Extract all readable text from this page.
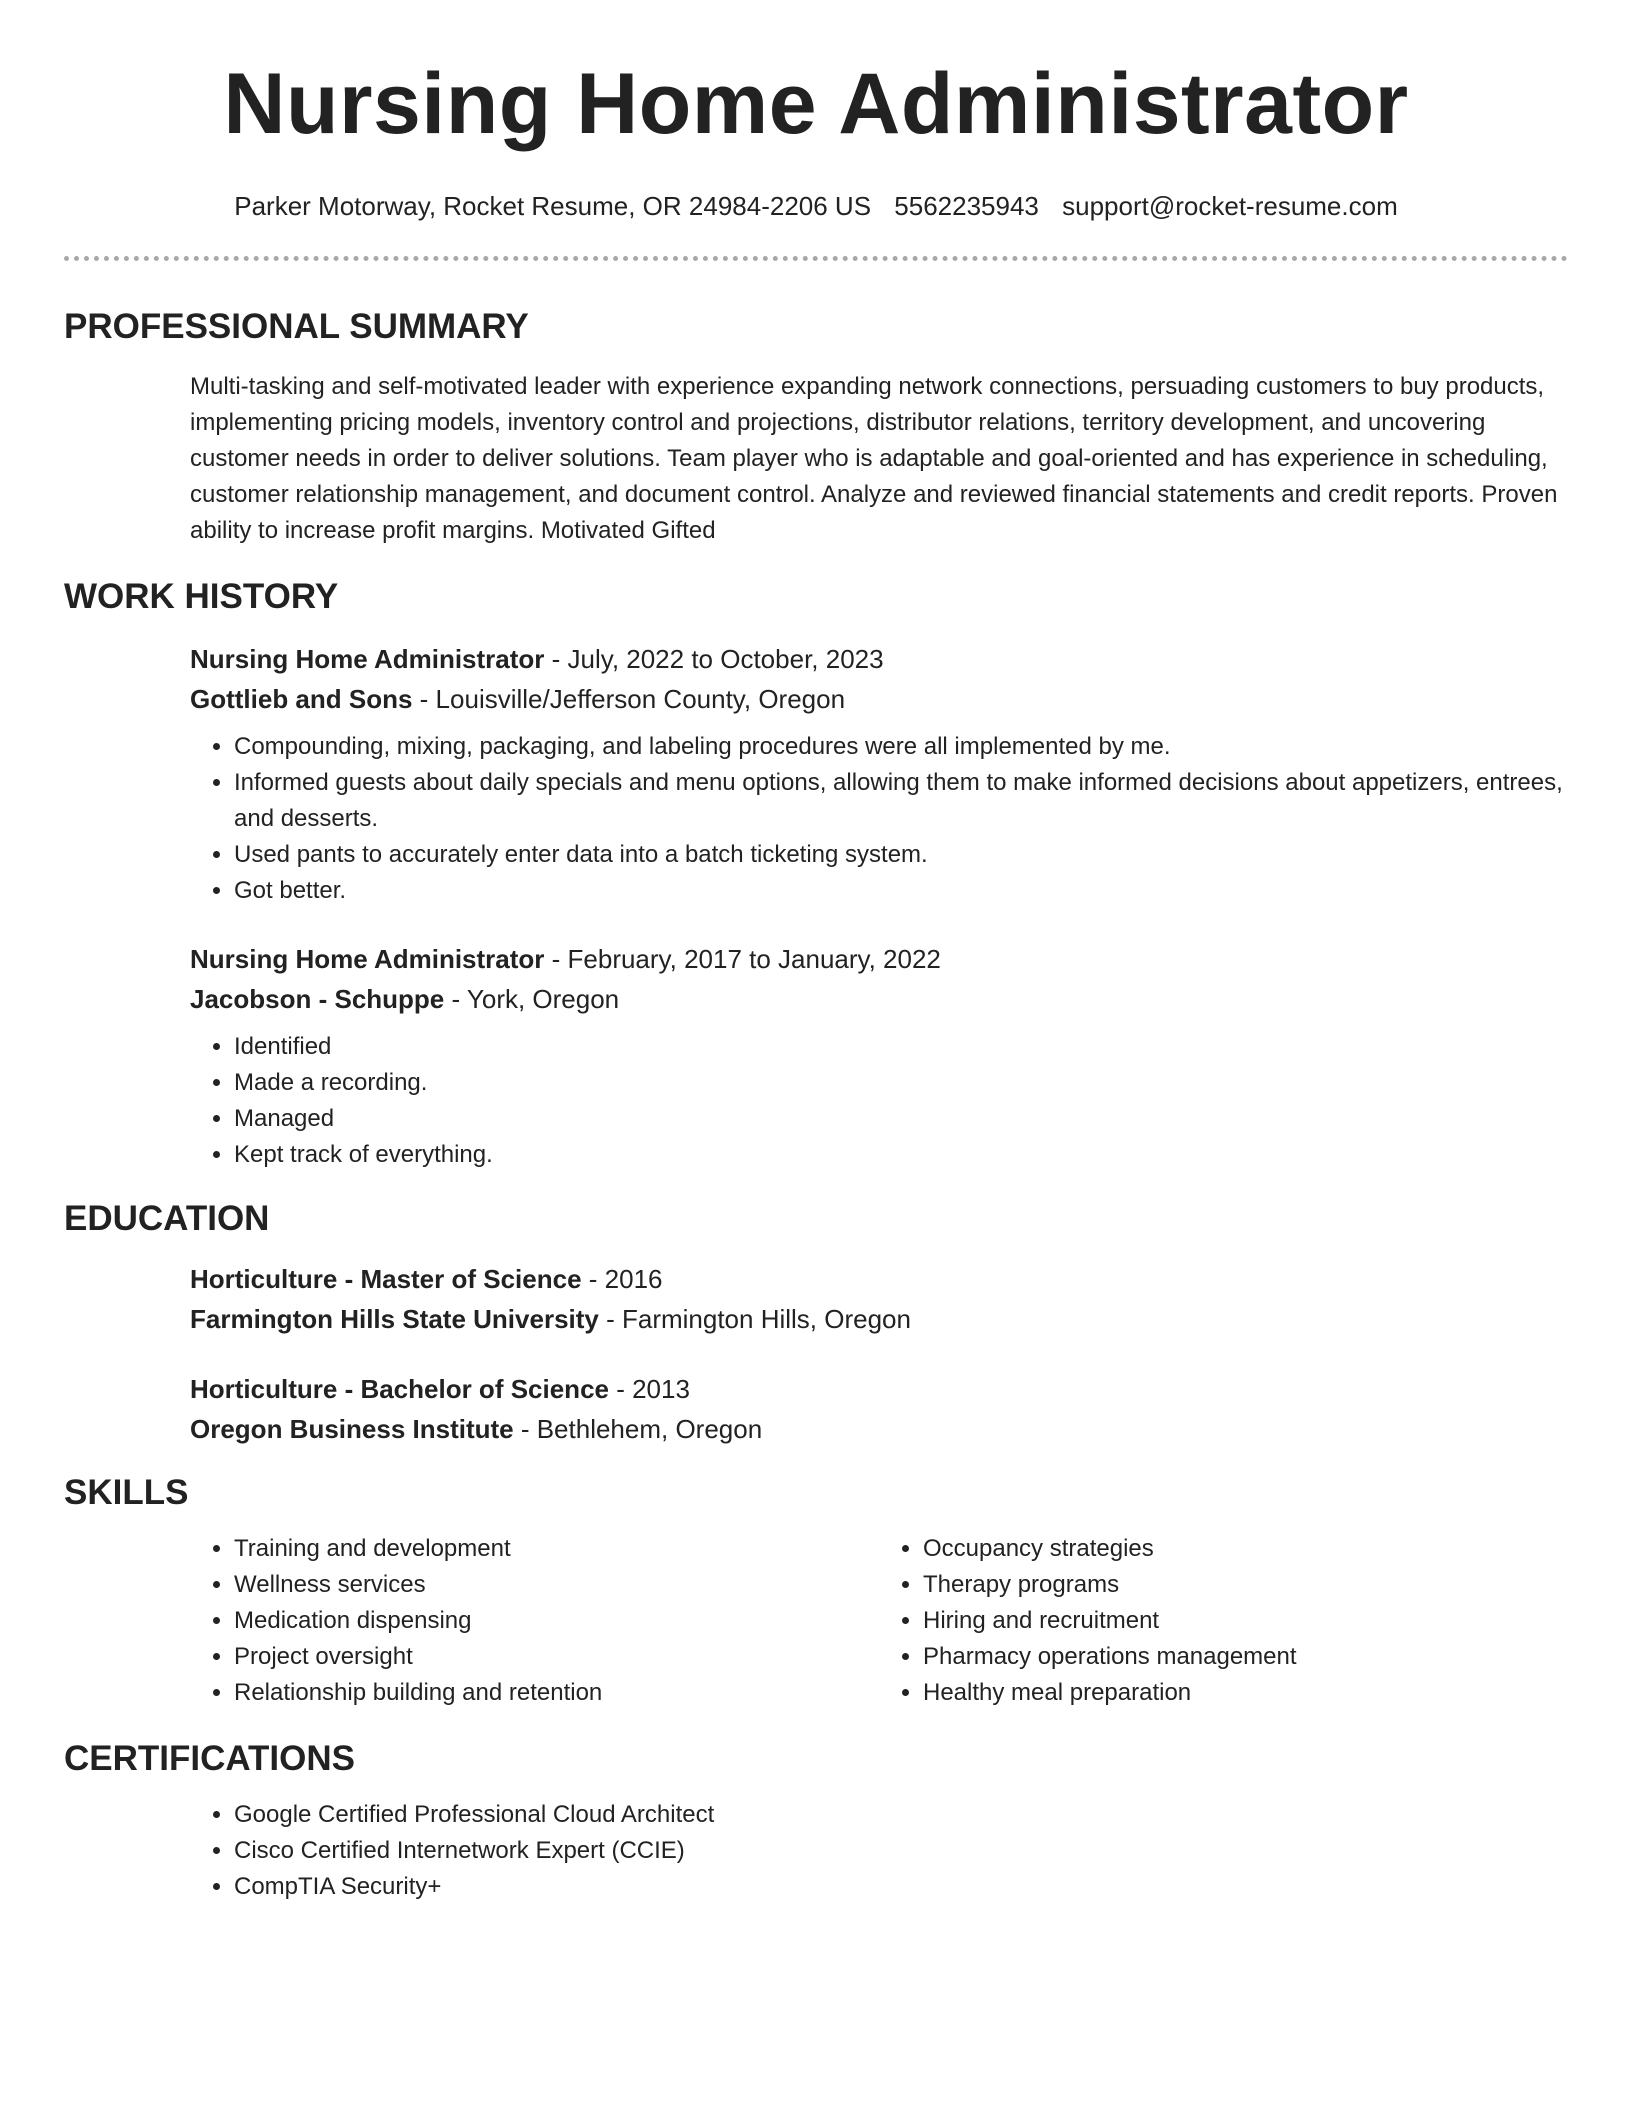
Nursing Home Administrator
Parker Motorway, Rocket Resume, OR 24984-2206 US 5562235943 support@rocket-resume.com
PROFESSIONAL SUMMARY

Multi-tasking and self-motivated leader with experience expanding network connections, persuading customers to buy products, implementing pricing models, inventory control and projections, distributor relations, territory development, and uncovering customer needs in order to deliver solutions. Team player who is adaptable and goal-oriented and has experience in scheduling, customer relationship management, and document control. Analyze and reviewed financial statements and credit reports. Proven ability to increase profit margins. Motivated Gifted

WORK HISTORY
Nursing Home Administrator - July, 2022 to October, 2023
Gottlieb and Sons - Louisville/Jefferson County, Oregon
• Compounding, mixing, packaging, and labeling procedures were all implemented by me.
• Informed guests about daily specials and menu options, allowing them to make informed decisions about appetizers, entrees, and desserts.
• Used pants to accurately enter data into a batch ticketing system.
• Got better.
Nursing Home Administrator - February, 2017 to January, 2022
Jacobson - Schuppe - York, Oregon
• Identified
• Made a recording.
• Managed
• Kept track of everything.
EDUCATION
Horticulture - Master of Science - 2016
Farmington Hills State University - Farmington Hills, Oregon
Horticulture - Bachelor of Science - 2013
Oregon Business Institute - Bethlehem, Oregon
SKILLS
• Training and development
• Wellness services
• Medication dispensing
• Project oversight
• Relationship building and retention
• Occupancy strategies
• Therapy programs
• Hiring and recruitment
• Pharmacy operations management
• Healthy meal preparation
CERTIFICATIONS
• Google Certified Professional Cloud Architect
• Cisco Certified Internetwork Expert (CCIE)
• CompTIA Security+
